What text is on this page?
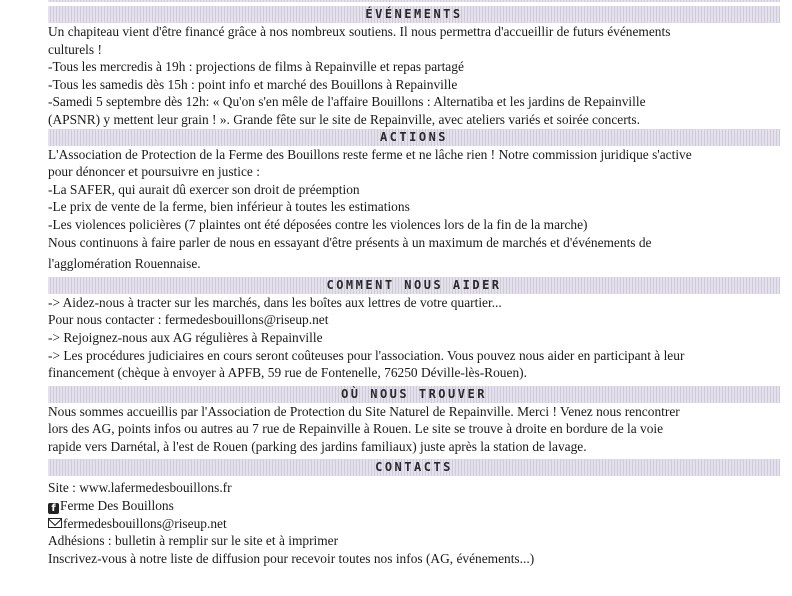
ÉVÉNEMENTS

Un chapiteau vient d'être financé grâce à nos nombreux soutiens. Il nous permettra d'accueillir de futurs événements

culturels !

-Tous les mercredis à 19h : projections de films à Repainville et repas partagé

-Tous les samedis dès 15h : point info et marché des Bouillons à Repainville

-Samedi 5 septembre dès 12h: « Qu'on s'en mêle de l'affaire Bouillons : Alternatiba et les jardins de Repainville

(APSNR) y mettent leur grain ! ». Grande fête sur le site de Repainville, avec ateliers variés et soirée concerts.

ACTIONS

L'Association de Protection de la Ferme des Bouillons reste ferme et ne lâche rien ! Notre commission juridique s'active

pour dénoncer et poursuivre en justice :

-La SAFER, qui aurait dû exercer son droit de préemption

-Le prix de vente de la ferme, bien inférieur à toutes les estimations

-Les violences policières (7 plaintes ont été déposées contre les violences lors de la fin de la marche)

Nous continuons à faire parler de nous en essayant d'être présents à un maximum de marchés et d'événements de

l'agglomération Rouennaise.

COMMENT NOUS AIDER

-> Aidez-nous à tracter sur les marchés, dans les boîtes aux lettres de votre quartier...

Pour nous contacter : fermedesbouillons@riseup.net

-> Rejoignez-nous aux AG régulières à Repainville

-> Les procédures judiciaires en cours seront coûteuses pour l'association. Vous pouvez nous aider en participant à leur

financement (chèque à envoyer à APFB, 59 rue de Fontenelle, 76250 Déville-lès-Rouen).

OÙ NOUS TROUVER

Nous sommes accueillis par l'Association de Protection du Site Naturel de Repainville. Merci ! Venez nous rencontrer

lors des AG, points infos ou autres au 7 rue de Repainville à Rouen. Le site se trouve à droite en bordure de la voie

rapide vers Darnétal, à l'est de Rouen (parking des jardins familiaux) juste après la station de lavage.

CONTACTS

Site : www.lafermedesbouillons.fr

f Ferme Des Bouillons

fermedesbouillons@riseup.net

Adhésions : bulletin à remplir sur le site et à imprimer

Inscrivez-vous à notre liste de diffusion pour recevoir toutes nos infos (AG, événements...)
